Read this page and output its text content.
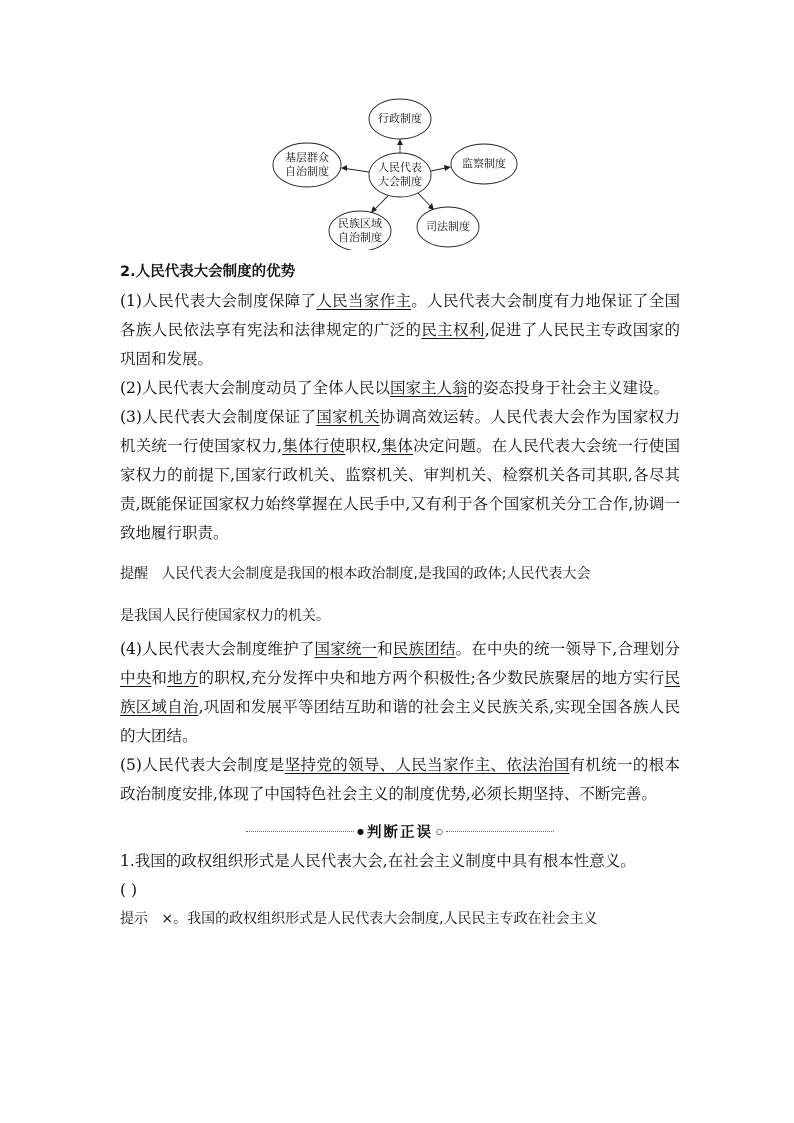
人民代表
大会制度
行政制度
监察制度
司法制度
民族区域
自治制度
基层群众
自治制度

2.人民代表大会制度的优势

(1)人民代表大会制度保障了人民当家作主。人民代表大会制度有力地保证了全国各族人民依法享有宪法和法律规定的广泛的民主权利,促进了人民民主专政国家的巩固和发展。

(2)人民代表大会制度动员了全体人民以国家主人翁的姿态投身于社会主义建设。

(3)人民代表大会制度保证了国家机关协调高效运转。人民代表大会作为国家权力机关统一行使国家权力,集体行使职权,集体决定问题。在人民代表大会统一行使国家权力的前提下,国家行政机关、监察机关、审判机关、检察机关各司其职,各尽其责,既能保证国家权力始终掌握在人民手中,又有利于各个国家机关分工合作,协调一致地履行职责。

提醒 人民代表大会制度是我国的根本政治制度,是我国的政体;人民代表大会
是我国人民行使国家权力的机关。

(4)人民代表大会制度维护了国家统一和民族团结。在中央的统一领导下,合理划分中央和地方的职权,充分发挥中央和地方两个积极性;各少数民族聚居的地方实行民族区域自治,巩固和发展平等团结互助和谐的社会主义民族关系,实现全国各族人民的大团结。

(5)人民代表大会制度是坚持党的领导、人民当家作主、依法治国有机统一的根本政治制度安排,体现了中国特色社会主义的制度优势,必须长期坚持、不断完善。

● 判断正误 ○

1.我国的政权组织形式是人民代表大会,在社会主义制度中具有根本性意义。

( )

提示 ×。我国的政权组织形式是人民代表大会制度,人民民主专政在社会主义
